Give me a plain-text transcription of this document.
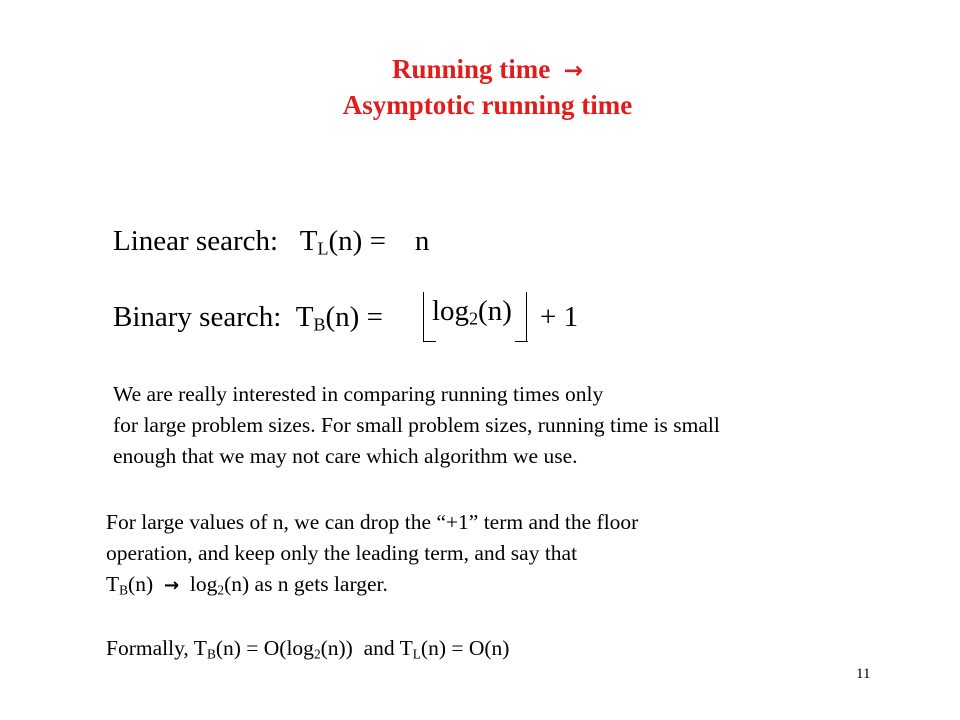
Running time →
Asymptotic running time
Linear search: $T_L(n) = n$
Binary search: $T_B(n) = \log_2(n) + 1$
We are really interested in comparing running times only
for large problem sizes. For small problem sizes, running time is small
enough that we may not care which algorithm we use.
For large values of n, we can drop the “+1” term and the floor
operation, and keep only the leading term, and say that
$T_B(n) \to \log_2(n)$ as n gets larger.
Formally, $T_B(n) = O(\log_2(n))$  and $T_L(n) = O(n)$
11
